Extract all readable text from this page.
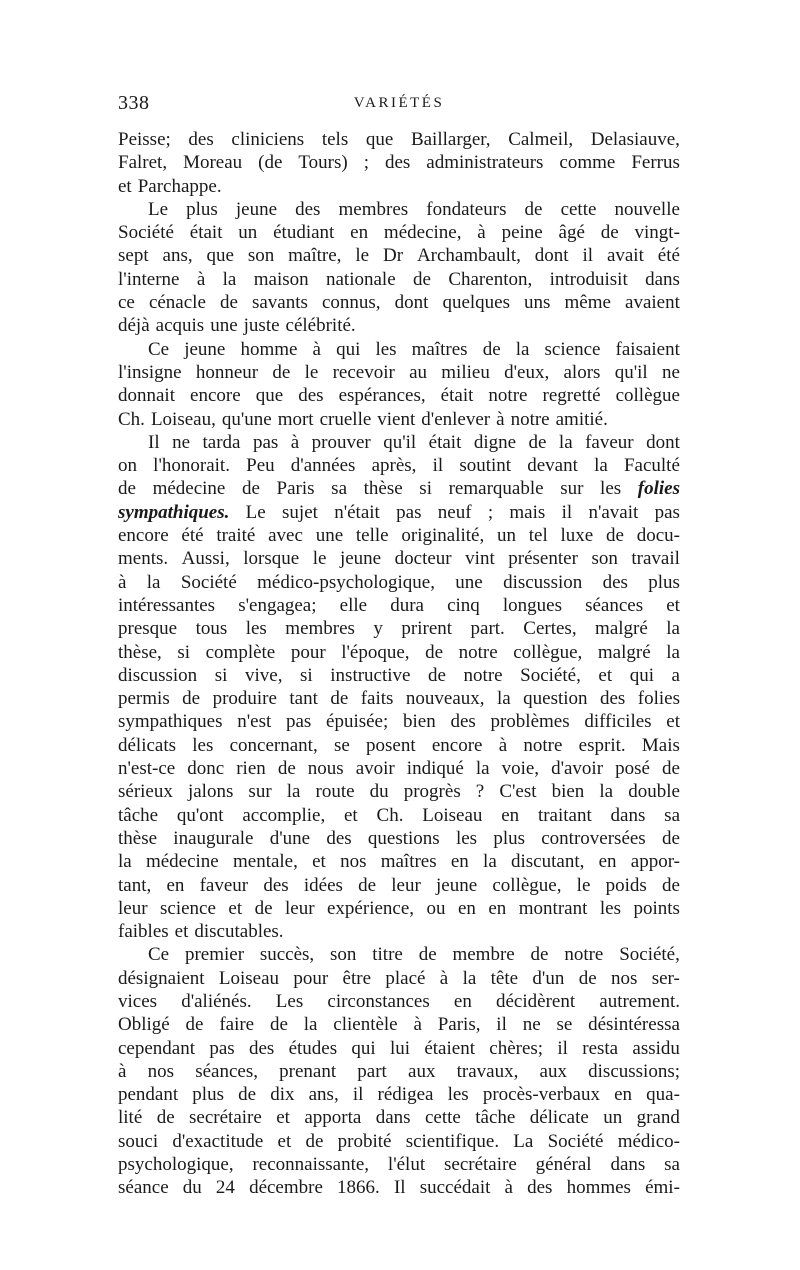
338	VARIÉTÉS
Peisse; des cliniciens tels que Baillarger, Calmeil, Delasiauve,
Falret, Moreau (de Tours) ; des administrateurs comme Ferrus
et Parchappe.
Le plus jeune des membres fondateurs de cette nouvelle
Société était un étudiant en médecine, à peine âgé de vingt-
sept ans, que son maître, le Dr Archambault, dont il avait été
l'interne à la maison nationale de Charenton, introduisit dans
ce cénacle de savants connus, dont quelques uns même avaient
déjà acquis une juste célébrité.
Ce jeune homme à qui les maîtres de la science faisaient
l'insigne honneur de le recevoir au milieu d'eux, alors qu'il ne
donnait encore que des espérances, était notre regretté collègue
Ch. Loiseau, qu'une mort cruelle vient d'enlever à notre amitié.
Il ne tarda pas à prouver qu'il était digne de la faveur dont
on l'honorait. Peu d'années après, il soutint devant la Faculté
de médecine de Paris sa thèse si remarquable sur les folies
sympathiques. Le sujet n'était pas neuf ; mais il n'avait pas
encore été traité avec une telle originalité, un tel luxe de docu-
ments. Aussi, lorsque le jeune docteur vint présenter son travail
à la Société médico-psychologique, une discussion des plus
intéressantes s'engagea; elle dura cinq longues séances et
presque tous les membres y prirent part. Certes, malgré la
thèse, si complète pour l'époque, de notre collègue, malgré la
discussion si vive, si instructive de notre Société, et qui a
permis de produire tant de faits nouveaux, la question des folies
sympathiques n'est pas épuisée; bien des problèmes difficiles et
délicats les concernant, se posent encore à notre esprit. Mais
n'est-ce donc rien de nous avoir indiqué la voie, d'avoir posé de
sérieux jalons sur la route du progrès ? C'est bien la double
tâche qu'ont accomplie, et Ch. Loiseau en traitant dans sa
thèse inaugurale d'une des questions les plus controversées de
la médecine mentale, et nos maîtres en la discutant, en appor-
tant, en faveur des idées de leur jeune collègue, le poids de
leur science et de leur expérience, ou en en montrant les points
faibles et discutables.
Ce premier succès, son titre de membre de notre Société,
désignaient Loiseau pour être placé à la tête d'un de nos ser-
vices d'aliénés. Les circonstances en décidèrent autrement.
Obligé de faire de la clientèle à Paris, il ne se désintéressa
cependant pas des études qui lui étaient chères; il resta assidu
à nos séances, prenant part aux travaux, aux discussions;
pendant plus de dix ans, il rédigea les procès-verbaux en qua-
lité de secrétaire et apporta dans cette tâche délicate un grand
souci d'exactitude et de probité scientifique. La Société médico-
psychologique, reconnaissante, l'élut secrétaire général dans sa
séance du 24 décembre 1866. Il succédait à des hommes émi-
